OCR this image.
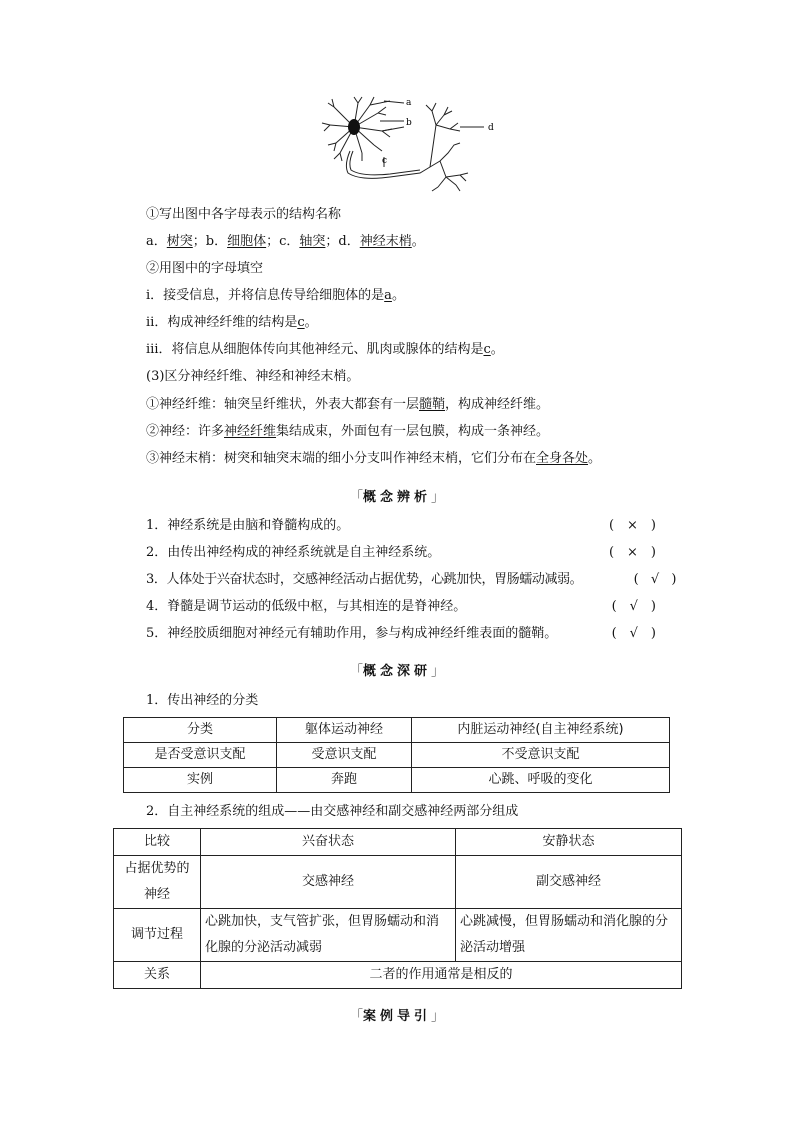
a
b
c
d
①写出图中各字母表示的结构名称
a．树突；b．细胞体；c．轴突；d．神经末梢。
②用图中的字母填空
ⅰ．接受信息，并将信息传导给细胞体的是a。
ⅱ．构成神经纤维的结构是c。
ⅲ．将信息从细胞体传向其他神经元、肌肉或腺体的结构是c。
(3)区分神经纤维、神经和神经末梢。
①神经纤维：轴突呈纤维状，外表大都套有一层髓鞘，构成神经纤维。
②神经：许多神经纤维集结成束，外面包有一层包膜，构成一条神经。
③神经末梢：树突和轴突末端的细小分支叫作神经末梢，它们分布在全身各处。
「概念辨析」
1．神经系统是由脑和脊髓构成的。	(　×　)
2．由传出神经构成的神经系统就是自主神经系统。	(　×　)
3．人体处于兴奋状态时，交感神经活动占据优势，心跳加快，胃肠蠕动减弱。	(　√　)
4．脊髓是调节运动的低级中枢，与其相连的是脊神经。	(　√　)
5．神经胶质细胞对神经元有辅助作用，参与构成神经纤维表面的髓鞘。	(　√　)
「概念深研」
1．传出神经的分类
分类	躯体运动神经	内脏运动神经(自主神经系统)
是否受意识支配	受意识支配	不受意识支配
实例	奔跑	心跳、呼吸的变化
2．自主神经系统的组成——由交感神经和副交感神经两部分组成
比较	兴奋状态	安静状态
占据优势的神经	交感神经	副交感神经
调节过程	心跳加快，支气管扩张，但胃肠蠕动和消化腺的分泌活动减弱	心跳减慢，但胃肠蠕动和消化腺的分泌活动增强
关系	二者的作用通常是相反的	
「案例导引」
